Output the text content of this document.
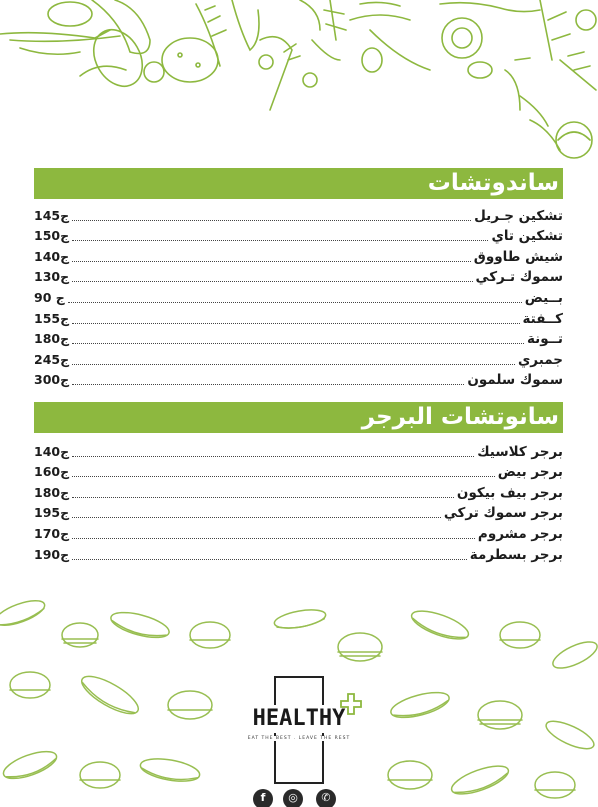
ساندوتشات
تشكين جـريل
145ج
تشكين تاي
150ج
شيش طاووق
140ج
سموك تـركي
130ج
بــيض
90 ج
كــفتة
155ج
تــونة
180ج
جمبري
245ج
سموك سلمون
300ج
سانوتشات البرجر
برجر كلاسيك
140ج
برجر بيض
160ج
برجر بيف بيكون
180ج
برجر سموك تركي
195ج
برجر مشروم
170ج
برجر بسطرمة
190ج
HEALTHY
EAT THE BEST . LEAVE THE REST
f	◎	✆
